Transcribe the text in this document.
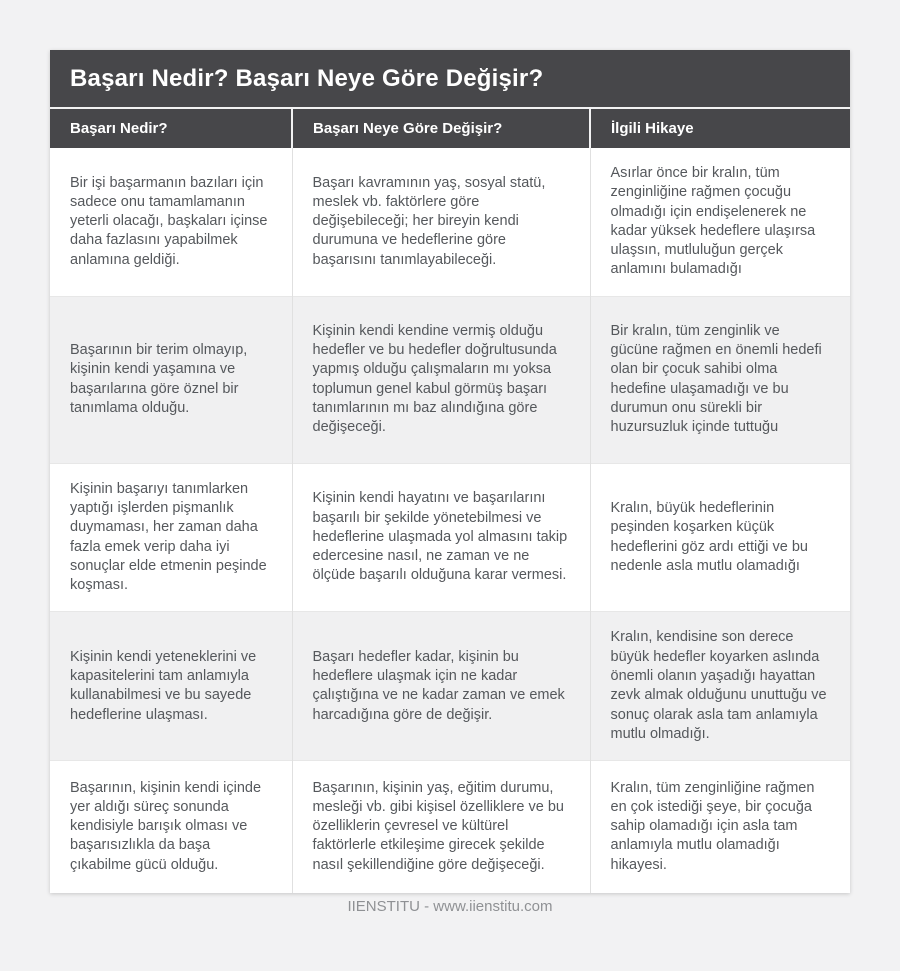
Başarı Nedir? Başarı Neye Göre Değişir?
Başarı Nedir?	Başarı Neye Göre Değişir?	İlgili Hikaye
Bir işi başarmanın bazıları için sadece onu tamamlamanın yeterli olacağı, başkaları içinse daha fazlasını yapabilmek anlamına geldiği.	Başarı kavramının yaş, sosyal statü, meslek vb. faktörlere göre değişebileceği; her bireyin kendi durumuna ve hedeflerine göre başarısını tanımlayabileceği.	Asırlar önce bir kralın, tüm zenginliğine rağmen çocuğu olmadığı için endişelenerek ne kadar yüksek hedeflere ulaşırsa ulaşsın, mutluluğun gerçek anlamını bulamadığı
Başarının bir terim olmayıp, kişinin kendi yaşamına ve başarılarına göre öznel bir tanımlama olduğu.	Kişinin kendi kendine vermiş olduğu hedefler ve bu hedefler doğrultusunda yapmış olduğu çalışmaların mı yoksa toplumun genel kabul görmüş başarı tanımlarının mı baz alındığına göre değişeceği.	Bir kralın, tüm zenginlik ve gücüne rağmen en önemli hedefi olan bir çocuk sahibi olma hedefine ulaşamadığı ve bu durumun onu sürekli bir huzursuzluk içinde tuttuğu
Kişinin başarıyı tanımlarken yaptığı işlerden pişmanlık duymaması, her zaman daha fazla emek verip daha iyi sonuçlar elde etmenin peşinde koşması.	Kişinin kendi hayatını ve başarılarını başarılı bir şekilde yönetebilmesi ve hedeflerine ulaşmada yol almasını takip edercesine nasıl, ne zaman ve ne ölçüde başarılı olduğuna karar vermesi.	Kralın, büyük hedeflerinin peşinden koşarken küçük hedeflerini göz ardı ettiği ve bu nedenle asla mutlu olamadığı
Kişinin kendi yeteneklerini ve kapasitelerini tam anlamıyla kullanabilmesi ve bu sayede hedeflerine ulaşması.	Başarı hedefler kadar, kişinin bu hedeflere ulaşmak için ne kadar çalıştığına ve ne kadar zaman ve emek harcadığına göre de değişir.	Kralın, kendisine son derece büyük hedefler koyarken aslında önemli olanın yaşadığı hayattan zevk almak olduğunu unuttuğu ve sonuç olarak asla tam anlamıyla mutlu olmadığı.
Başarının, kişinin kendi içinde yer aldığı süreç sonunda kendisiyle barışık olması ve başarısızlıkla da başa çıkabilme gücü olduğu.	Başarının, kişinin yaş, eğitim durumu, mesleği vb. gibi kişisel özelliklere ve bu özelliklerin çevresel ve kültürel faktörlerle etkileşime girecek şekilde nasıl şekillendiğine göre değişeceği.	Kralın, tüm zenginliğine rağmen en çok istediği şeye, bir çocuğa sahip olamadığı için asla tam anlamıyla mutlu olamadığı hikayesi.
IIENSTITU - www.iienstitu.com
